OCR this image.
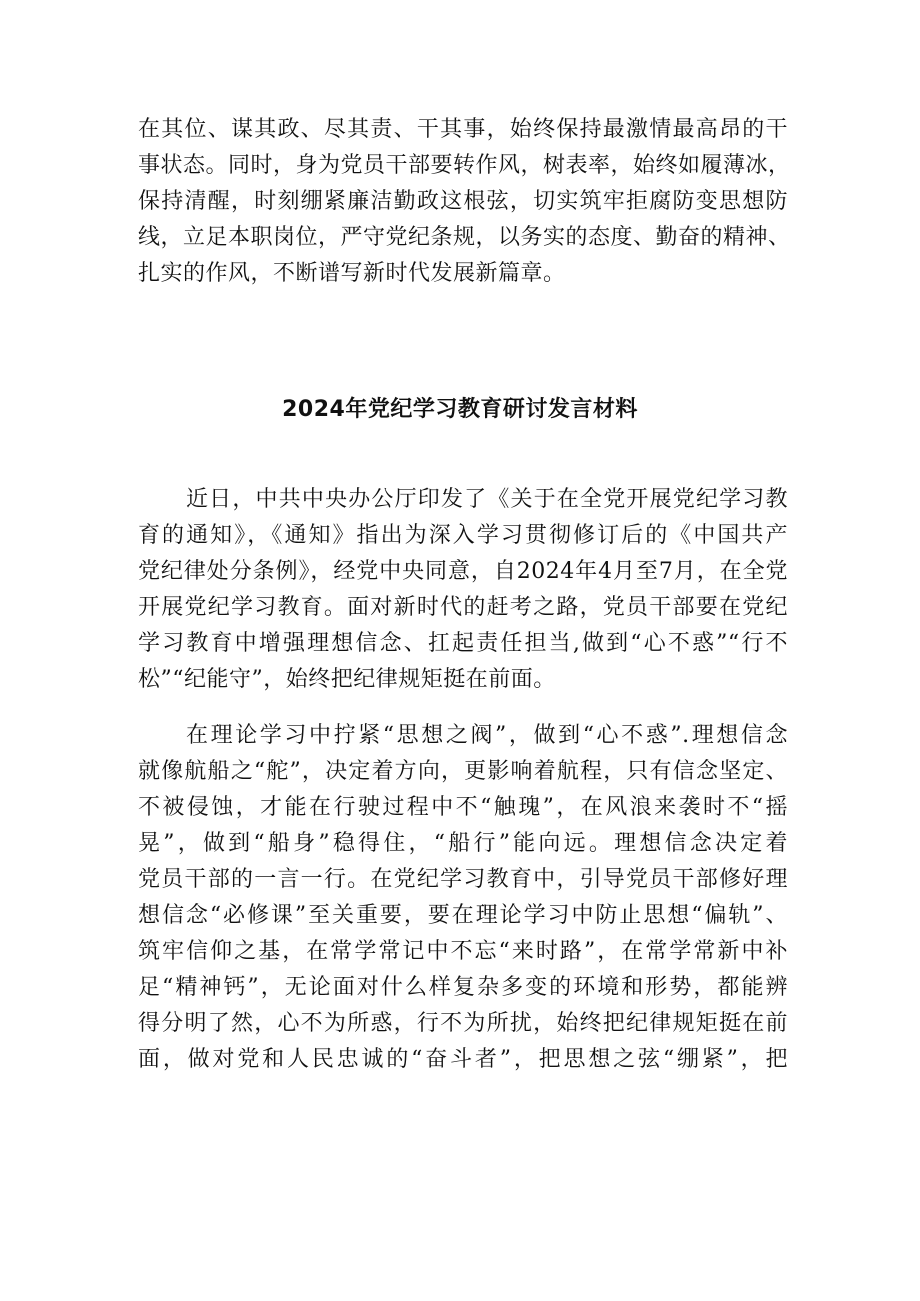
在其位、谋其政、尽其责、干其事，始终保持最激情最高昂的干
事状态。同时，身为党员干部要转作风，树表率，始终如履薄冰，
保持清醒，时刻绷紧廉洁勤政这根弦，切实筑牢拒腐防变思想防
线，立足本职岗位，严守党纪条规，以务实的态度、勤奋的精神、
扎实的作风，不断谱写新时代发展新篇章。
2024年党纪学习教育研讨发言材料
近日，中共中央办公厅印发了《关于在全党开展党纪学习教
育的通知》，《通知》指出为深入学习贯彻修订后的《中国共产
党纪律处分条例》，经党中央同意，自2024年4月至7月，在全党
开展党纪学习教育。面对新时代的赶考之路，党员干部要在党纪
学习教育中增强理想信念、扛起责任担当,做到“心不惑”“行不
松”“纪能守”，始终把纪律规矩挺在前面。
在理论学习中拧紧“思想之阀”，做到“心不惑”.理想信念
就像航船之“舵”，决定着方向，更影响着航程，只有信念坚定、
不被侵蚀，才能在行驶过程中不“触瑰”，在风浪来袭时不“摇
晃”，做到“船身”稳得住，“船行”能向远。理想信念决定着
党员干部的一言一行。在党纪学习教育中，引导党员干部修好理
想信念“必修课”至关重要，要在理论学习中防止思想“偏轨”、
筑牢信仰之基，在常学常记中不忘“来时路”，在常学常新中补
足“精神钙”，无论面对什么样复杂多变的环境和形势，都能辨
得分明了然，心不为所惑，行不为所扰，始终把纪律规矩挺在前
面，做对党和人民忠诚的“奋斗者”，把思想之弦“绷紧”，把
